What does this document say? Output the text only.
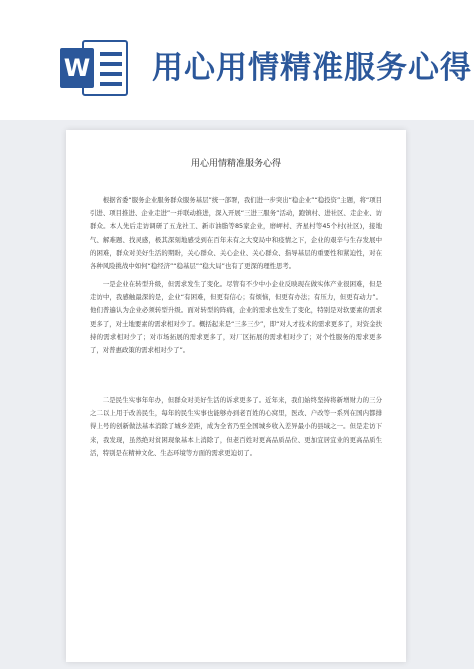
W 用心用情精准服务心得
用心用情精准服务心得

根据省委“服务企业服务群众服务基层”统一部署，我们进一步突出“稳企业”“稳投资”主题，将“项目引进、项目推进、企业走进”一并联动推进，深入开展“三进三服务”活动，跑镇村、进社区、走企业、访群众。本人先后走访调研了五龙社工、新市油脂等85家企业，磨岬村、齐星村等45个村(社区)，接地气、解难题、找灵感，极其深刻地感受到在百年未有之大变局中和疫情之下，企业的艰辛与生存发展中的困难，群众对美好生活的期盼，关心群众、关心企业、关心群众、指导基层的重要性和紧迫性，对在各种风险挑战中如何“稳经济”“稳基层”“稳大局”也有了更深的理性思考。

一是企业在转型升级，但需求发生了变化。尽管有不少中小企业反映现在做实体产业很困难，但是走访中，我感触最深的是，企业“有困难，但更有信心；有烦恼，但更有办法；有压力，但更有动力”。他们普遍认为企业必须转型升级。面对转型的阵痛，企业的需求也发生了变化，特别是对软要素的需求更多了，对土地要素的需求相对少了。概括起来是“三多三少”，即“对人才技术的需求更多了，对资金扶持的需求相对少了；对市场拓展的需求更多了，对厂区拓展的需求相对少了；对个性服务的需求更多了，对普惠政策的需求相对少了”。

二是民生实事年年办，但群众对美好生活的诉求更多了。近年来，我们始终坚持将新增财力的三分之二以上用于改善民生，每年的民生实事也能够办到老百姓的心窝里，医改、户改等一系列在国内都排得上号的创新做法基本消除了城乡差距，成为全省乃至全国城乡收入差异最小的县域之一。但是走访下来，我发现，虽然绝对贫困现象基本上消除了，但老百姓对更高品质品位、更加宜居宜业的更高品质生活，特别是在精神文化、生态环境等方面的需求更迫切了。
